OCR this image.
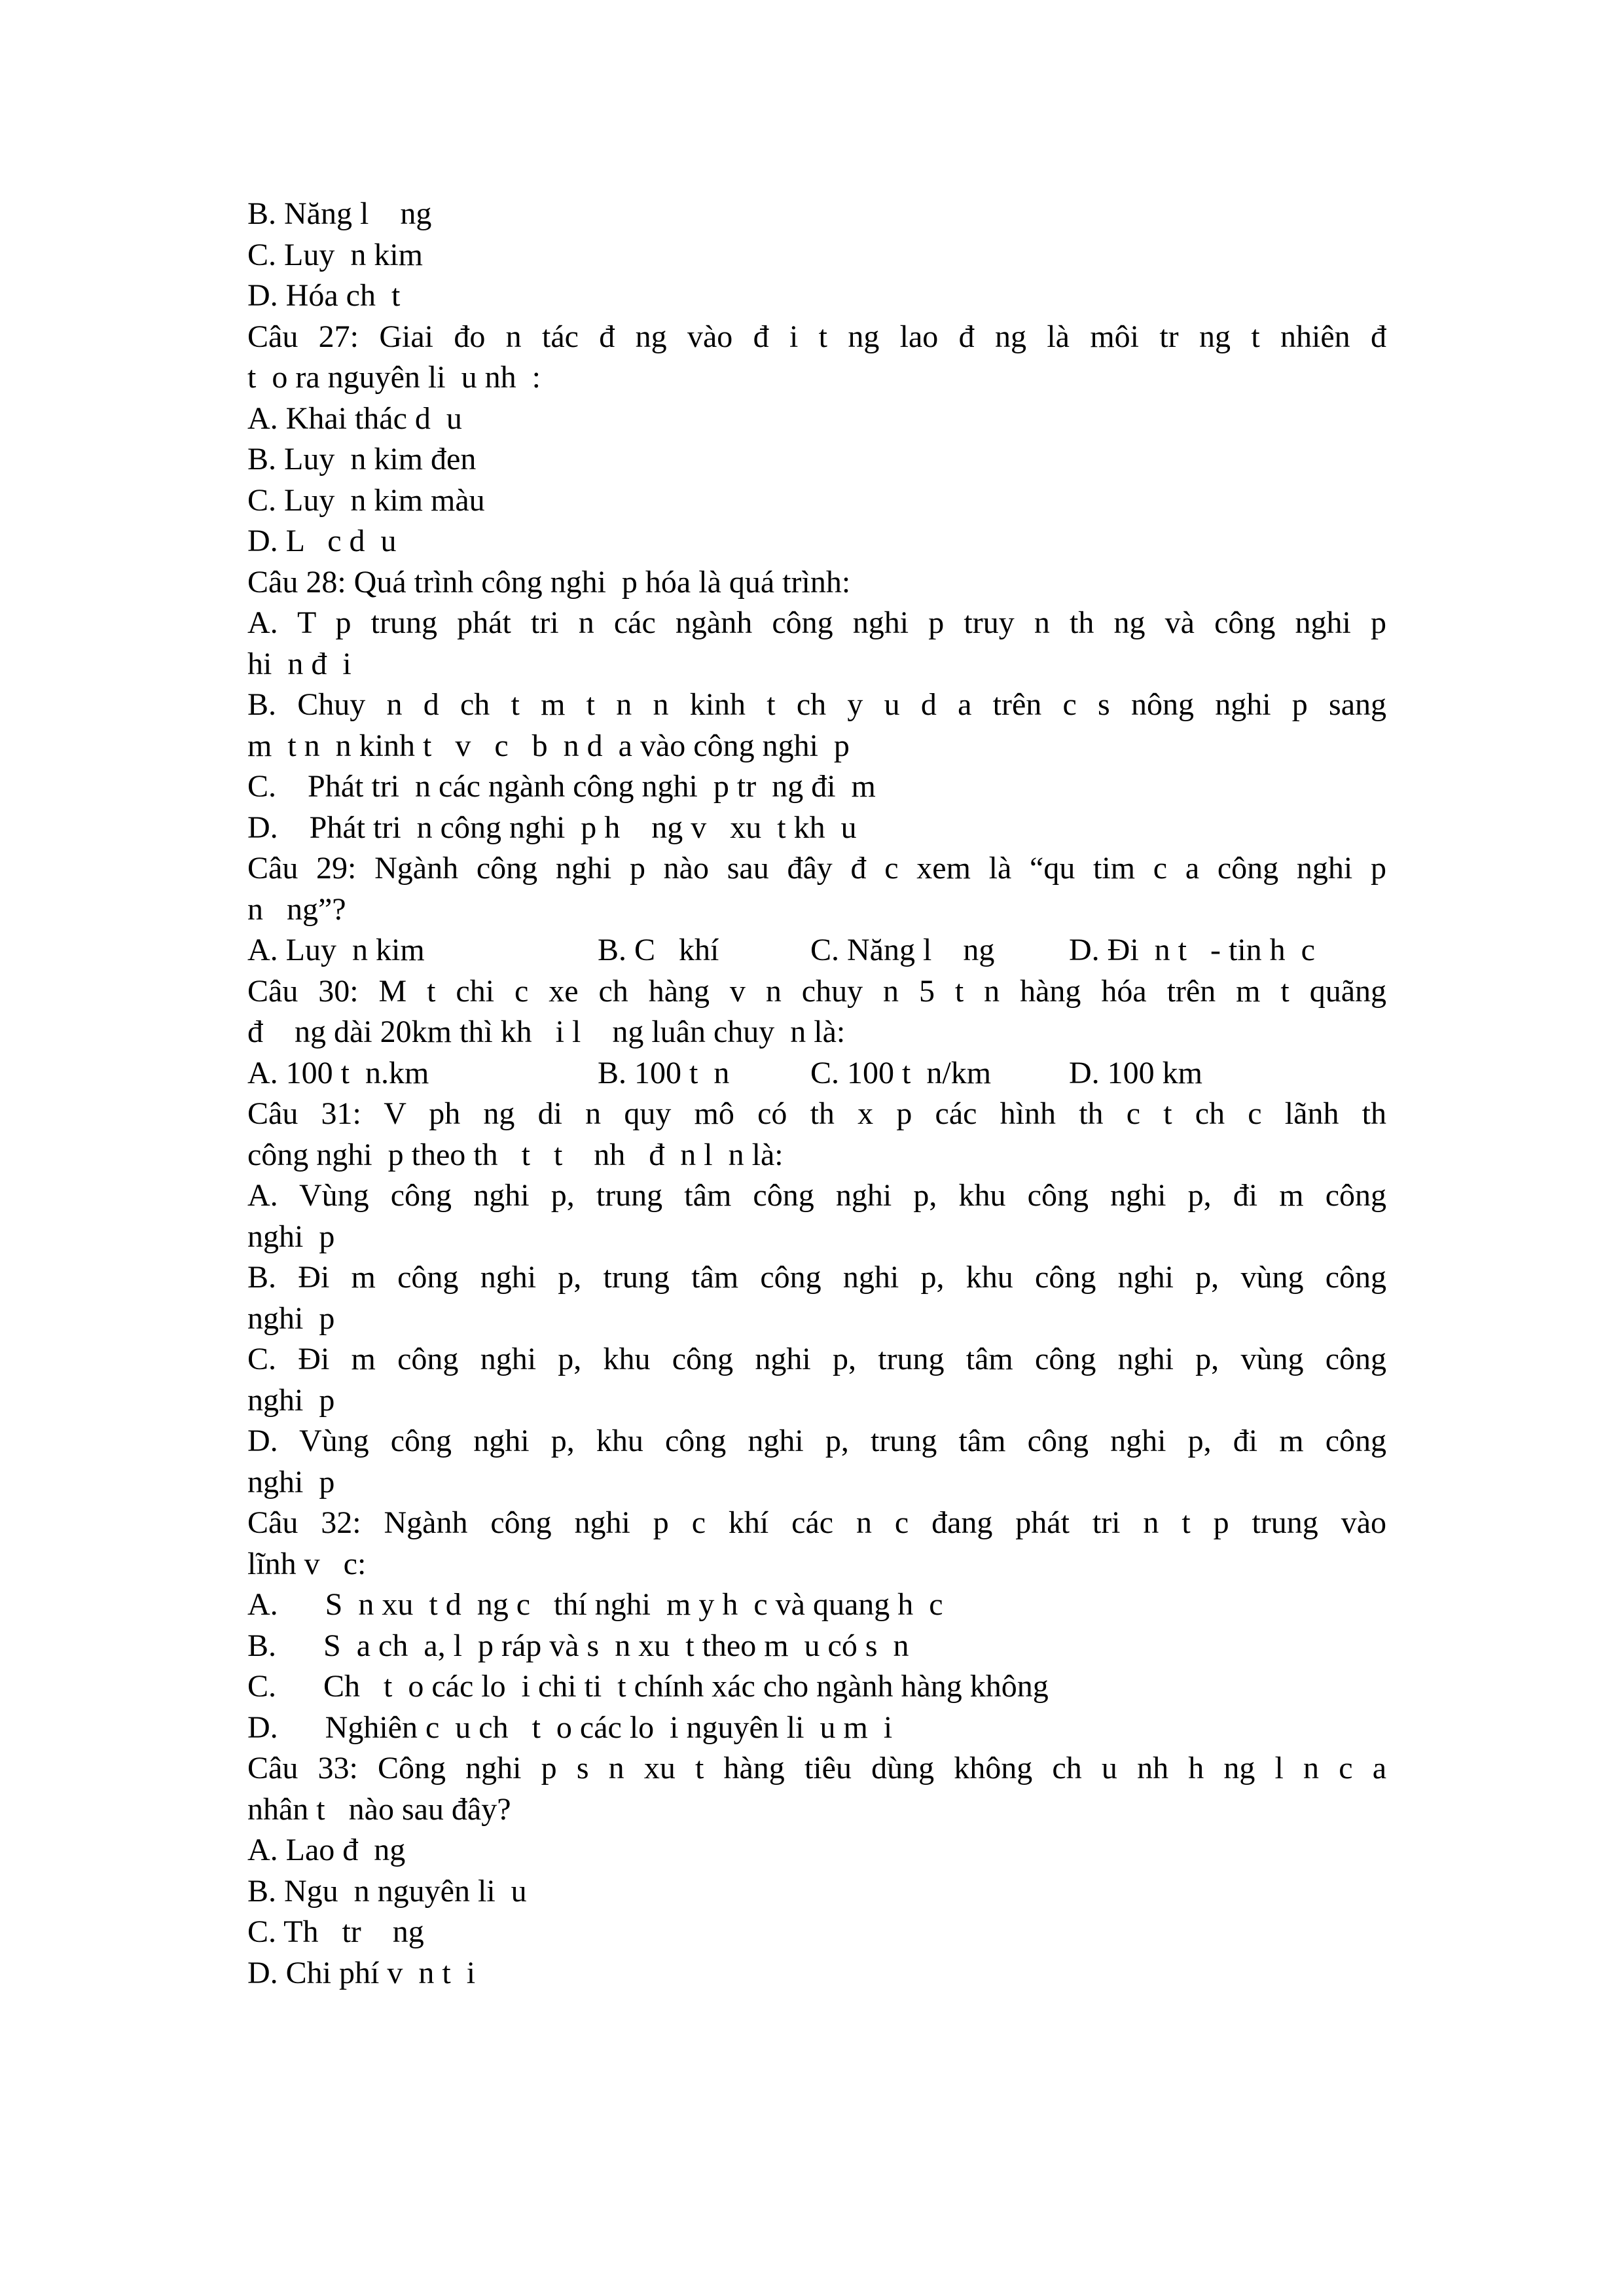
B. Năng l    ng
C. Luy  n kim
D. Hóa ch  t
Câu 27: Giai đo n tác đ ng vào đ i t ng lao đ ng là môi tr ng t nhiên đ
t  o ra nguyên li  u nh  :
A. Khai thác d  u
B. Luy  n kim đen
C. Luy  n kim màu
D. L   c d  u
Câu 28: Quá trình công nghi  p hóa là quá trình:
A. T p trung phát tri n các ngành công nghi p truy n th ng và công nghi p
hi  n đ  i
B. Chuy n d ch t m t n n kinh t ch y u d a trên c s nông nghi p sang
m  t n  n kinh t   v   c   b  n d  a vào công nghi  p
C.    Phát tri  n các ngành công nghi  p tr  ng đi  m
D.    Phát tri  n công nghi  p h    ng v   xu  t kh  u
Câu 29: Ngành công nghi p nào sau đây đ c xem là “qu tim c a công nghi p
n   ng”?
A. Luy  n kim	B. C   khí	C. Năng l    ng D. Đi  n t   - tin h  c
Câu 30: M t chi c xe ch hàng v n chuy n 5 t n hàng hóa trên m t quãng
đ    ng dài 20km thì kh   i l    ng luân chuy  n là:
A. 100 t  n.km	B. 100 t  n	C. 100 t  n/km D. 100 km
Câu 31: V ph ng di n quy mô có th x p các hình th c t ch c lãnh th
công nghi  p theo th   t   t    nh   đ  n l  n là:
A. Vùng công nghi p, trung tâm công nghi p, khu công nghi p, đi m công
nghi  p
B. Đi m công nghi p, trung tâm công nghi p, khu công nghi p, vùng công
nghi  p
C. Đi m công nghi p, khu công nghi p, trung tâm công nghi p, vùng công
nghi  p
D. Vùng công nghi p, khu công nghi p, trung tâm công nghi p, đi m công
nghi  p
Câu 32: Ngành công nghi p c khí các n c đang phát tri n t p trung vào
lĩnh v   c:
A.      S  n xu  t d  ng c   thí nghi  m y h  c và quang h  c
B.      S  a ch  a, l  p ráp và s  n xu  t theo m  u có s  n
C.      Ch   t  o các lo  i chi ti  t chính xác cho ngành hàng không
D.      Nghiên c  u ch   t  o các lo  i nguyên li  u m  i
Câu 33: Công nghi p s n xu t hàng tiêu dùng không ch u nh h ng l n c a
nhân t   nào sau đây?
A. Lao đ  ng
B. Ngu  n nguyên li  u
C. Th   tr    ng
D. Chi phí v  n t  i
